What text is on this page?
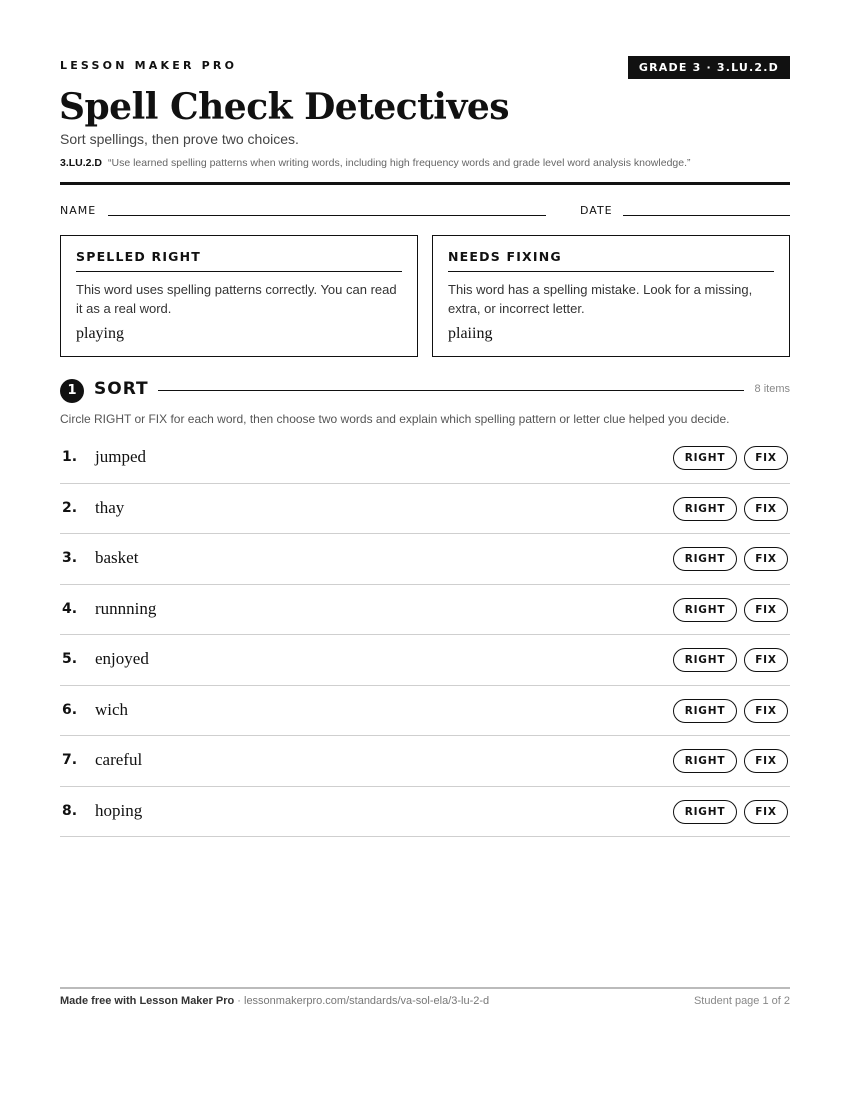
LESSON MAKER PRO	GRADE 3 · 3.LU.2.D
Spell Check Detectives
Sort spellings, then prove two choices.
3.LU.2.D “Use learned spelling patterns when writing words, including high frequency words and grade level word analysis knowledge.”
NAME	DATE
SPELLED RIGHT
This word uses spelling patterns correctly. You can read it as a real word.
playing
NEEDS FIXING
This word has a spelling mistake. Look for a missing, extra, or incorrect letter.
plaiing
1	SORT	8 items
Circle RIGHT or FIX for each word, then choose two words and explain which spelling pattern or letter clue helped you decide.
1. jumped	RIGHT	FIX
2. thay	RIGHT	FIX
3. basket	RIGHT	FIX
4. runnning	RIGHT	FIX
5. enjoyed	RIGHT	FIX
6. wich	RIGHT	FIX
7. careful	RIGHT	FIX
8. hoping	RIGHT	FIX
Made free with Lesson Maker Pro · lessonmakerpro.com/standards/va-sol-ela/3-lu-2-d	Student page 1 of 2
